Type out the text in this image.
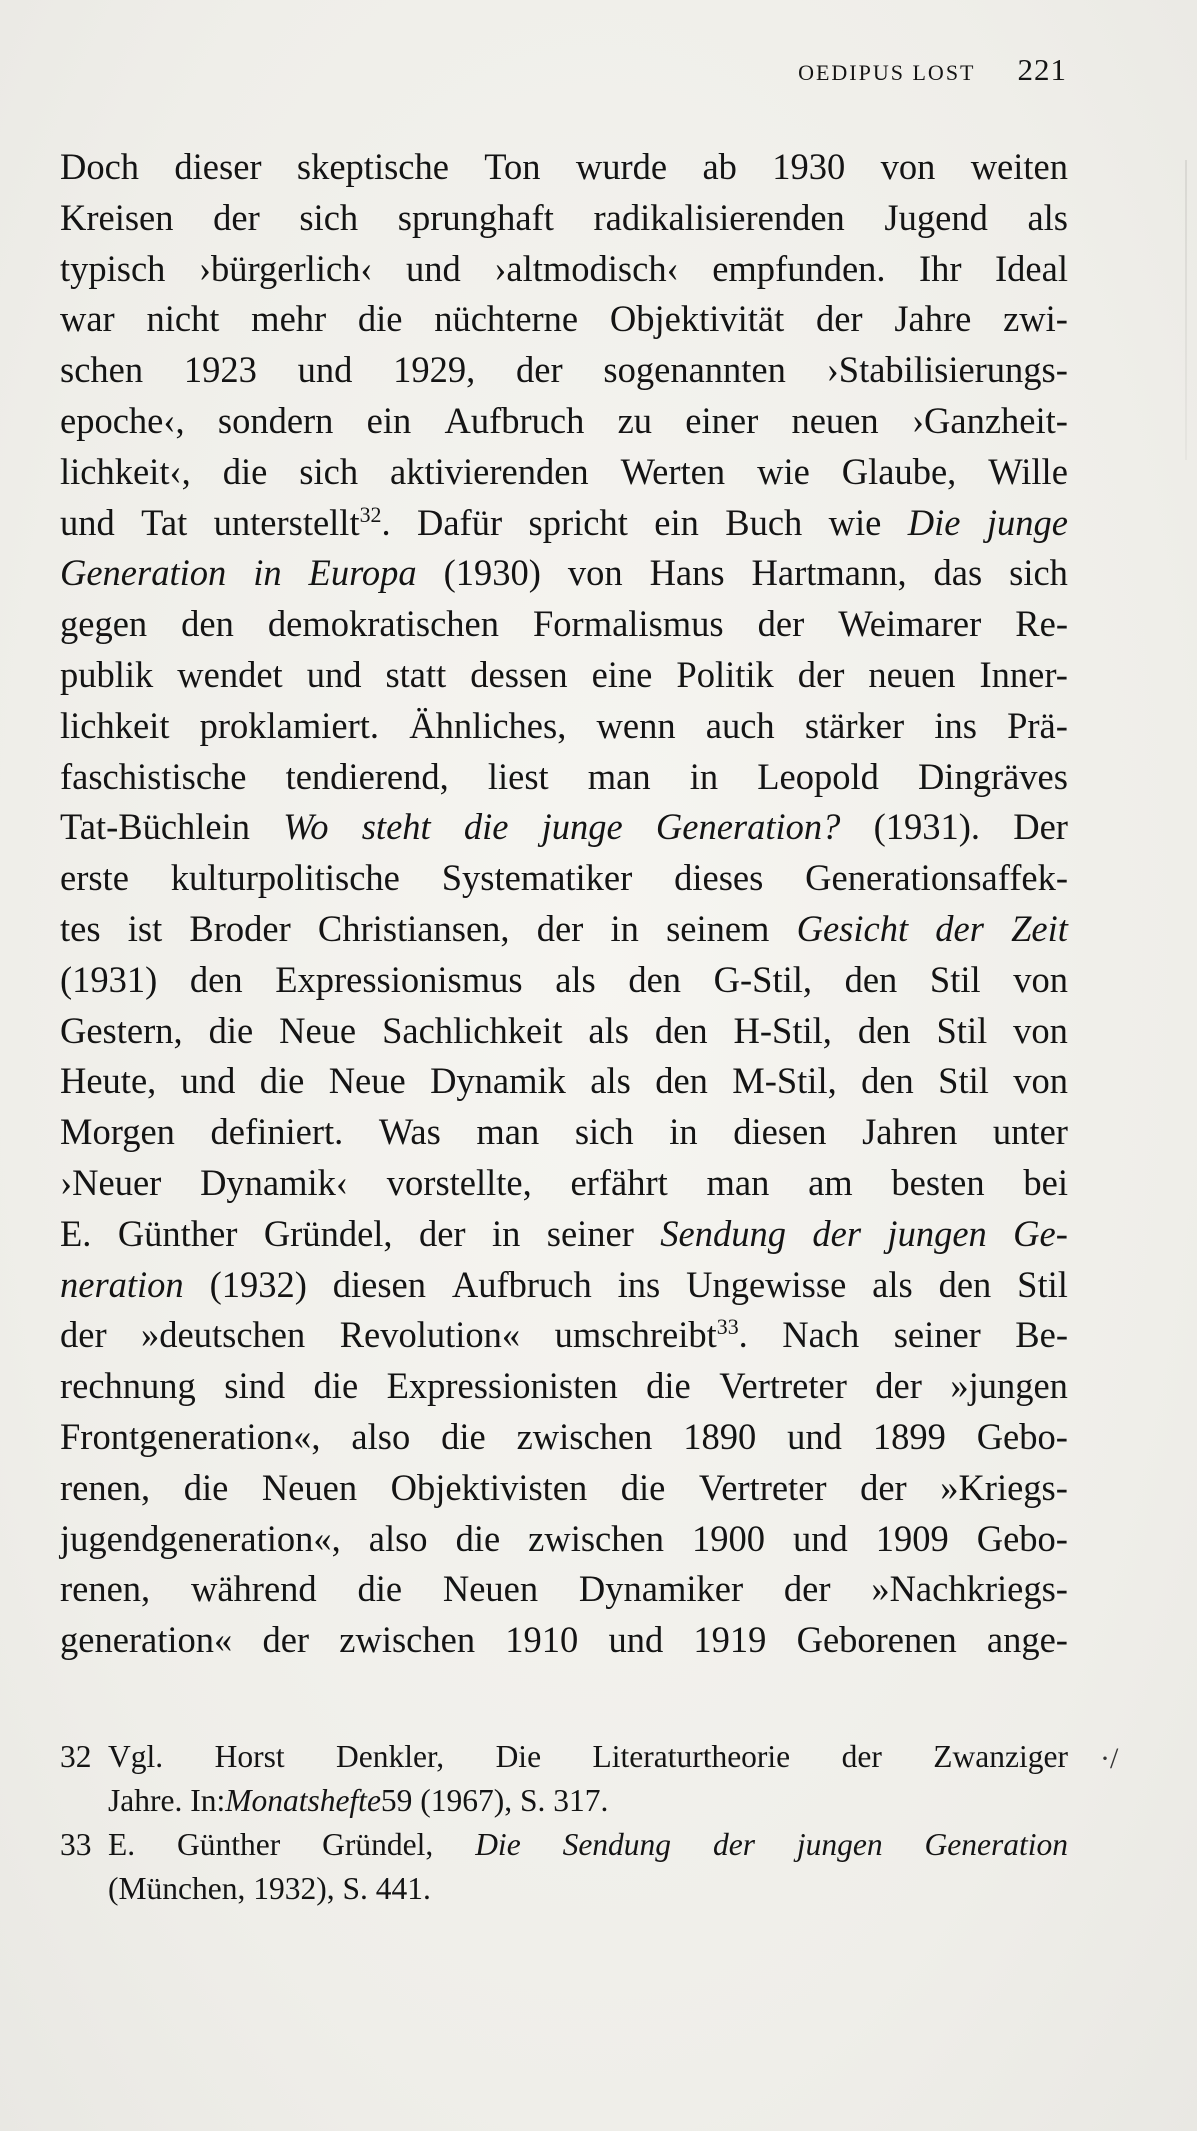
OEDIPUS LOST 221
Doch dieser skeptische Ton wurde ab 1930 von weiten
Kreisen der sich sprunghaft radikalisierenden Jugend als
typisch ›bürgerlich‹ und ›altmodisch‹ empfunden. Ihr Ideal
war nicht mehr die nüchterne Objektivität der Jahre zwi-
schen 1923 und 1929, der sogenannten ›Stabilisierungs-
epoche‹, sondern ein Aufbruch zu einer neuen ›Ganzheit-
lichkeit‹, die sich aktivierenden Werten wie Glaube, Wille
und Tat unterstellt$^{32}$. Dafür spricht ein Buch wie Die junge
Generation in Europa (1930) von Hans Hartmann, das sich
gegen den demokratischen Formalismus der Weimarer Re-
publik wendet und statt dessen eine Politik der neuen Inner-
lichkeit proklamiert. Ähnliches, wenn auch stärker ins Prä-
faschistische tendierend, liest man in Leopold Dingräves
Tat-Büchlein Wo steht die junge Generation? (1931). Der
erste kulturpolitische Systematiker dieses Generationsaffek-
tes ist Broder Christiansen, der in seinem Gesicht der Zeit
(1931) den Expressionismus als den G-Stil, den Stil von
Gestern, die Neue Sachlichkeit als den H-Stil, den Stil von
Heute, und die Neue Dynamik als den M-Stil, den Stil von
Morgen definiert. Was man sich in diesen Jahren unter
›Neuer Dynamik‹ vorstellte, erfährt man am besten bei
E. Günther Gründel, der in seiner Sendung der jungen Ge-
neration (1932) diesen Aufbruch ins Ungewisse als den Stil
der »deutschen Revolution« umschreibt$^{33}$. Nach seiner Be-
rechnung sind die Expressionisten die Vertreter der »jungen
Frontgeneration«, also die zwischen 1890 und 1899 Gebo-
renen, die Neuen Objektivisten die Vertreter der »Kriegs-
jugendgeneration«, also die zwischen 1900 und 1909 Gebo-
renen, während die Neuen Dynamiker der »Nachkriegs-
generation« der zwischen 1910 und 1919 Geborenen ange-
32 Vgl. Horst Denkler, Die Literaturtheorie der Zwanziger
Jahre. In: Monatshefte 59 (1967), S. 317.
33 E. Günther Gründel, Die Sendung der jungen Generation
(München, 1932), S. 441.
·/
